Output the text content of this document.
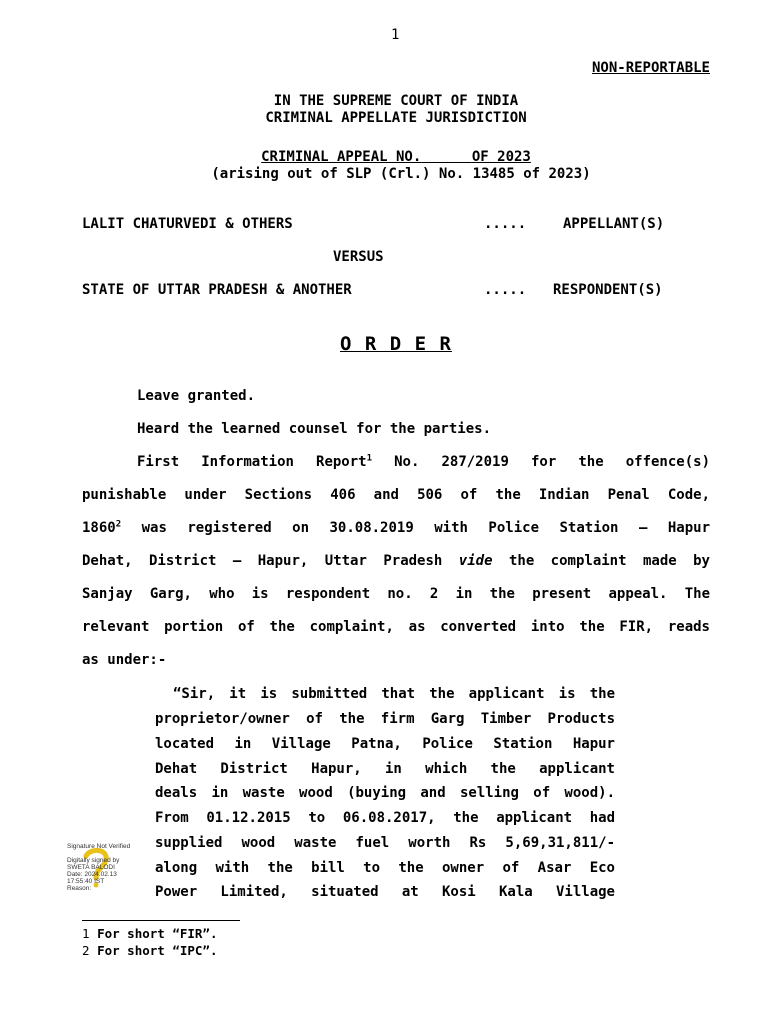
1
NON-REPORTABLE
IN THE SUPREME COURT OF INDIA
CRIMINAL APPELLATE JURISDICTION
CRIMINAL APPEAL NO.	OF 2023
(arising out of SLP (Crl.) No. 13485 of 2023)
LALIT CHATURVEDI & OTHERS	.....	APPELLANT(S)
VERSUS
STATE OF UTTAR PRADESH & ANOTHER	..... RESPONDENT(S)
O R D E R
Leave granted.
Heard the learned counsel for the parties.
First Information Report$^1$ No. 287/2019 for the offence(s)
punishable under Sections 406 and 506 of the Indian Penal Code,
1860$^2$ was registered on 30.08.2019 with Police Station – Hapur
Dehat, District – Hapur, Uttar Pradesh vide the complaint made by
Sanjay Garg, who is respondent no. 2 in the present appeal. The
relevant portion of the complaint, as converted into the FIR, reads
as under:-
“Sir, it is submitted that the applicant is the
proprietor/owner of the firm Garg Timber Products
located in Village Patna, Police Station Hapur
Dehat District Hapur, in which the applicant
deals in waste wood (buying and selling of wood).
From 01.12.2015 to 06.08.2017, the applicant had
supplied wood waste fuel worth Rs 5,69,31,811/-
along with the bill to the owner of Asar Eco
Power Limited, situated at Kosi Kala Village
Signature Not Verified
Digitally signed by
SWETA BALODI
Date: 2024.02.13
17:55:40 IST
Reason:
1 For short “FIR”.
2 For short “IPC”.
